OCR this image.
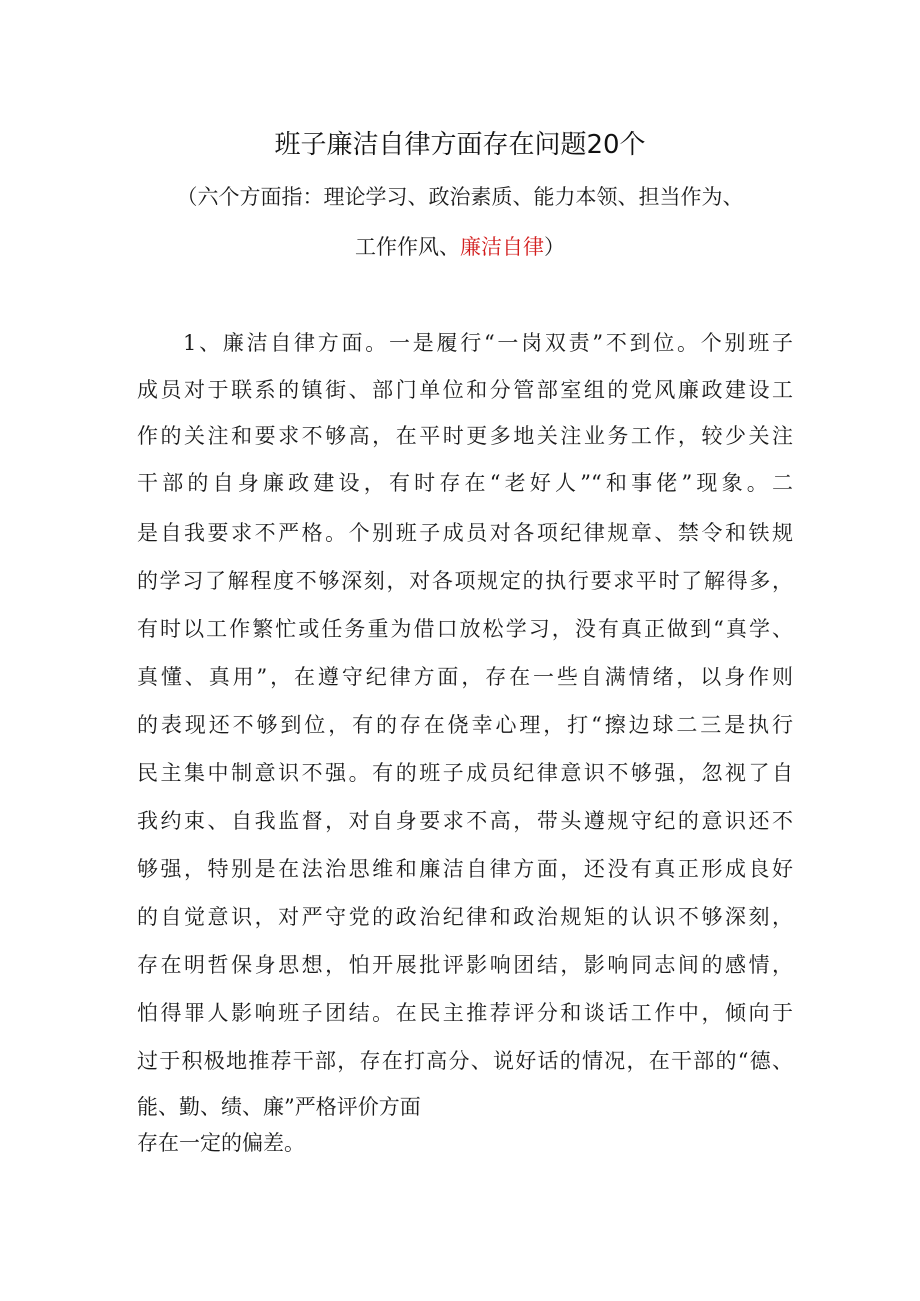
班子廉洁自律方面存在问题20个
（六个方面指：理论学习、政治素质、能力本领、担当作为、
工作作风、廉洁自律）
1、廉洁自律方面。一是履行“一岗双责”不到位。个别班子
成员对于联系的镇街、部门单位和分管部室组的党风廉政建设工
作的关注和要求不够高，在平时更多地关注业务工作，较少关注
干部的自身廉政建设，有时存在“老好人”“和事佬”现象。二
是自我要求不严格。个别班子成员对各项纪律规章、禁令和铁规
的学习了解程度不够深刻，对各项规定的执行要求平时了解得多，
有时以工作繁忙或任务重为借口放松学习，没有真正做到“真学、
真懂、真用”，在遵守纪律方面，存在一些自满情绪，以身作则
的表现还不够到位，有的存在侥幸心理，打“擦边球二三是执行
民主集中制意识不强。有的班子成员纪律意识不够强，忽视了自
我约束、自我监督，对自身要求不高，带头遵规守纪的意识还不
够强，特别是在法治思维和廉洁自律方面，还没有真正形成良好
的自觉意识，对严守党的政治纪律和政治规矩的认识不够深刻，
存在明哲保身思想，怕开展批评影响团结，影响同志间的感情，
怕得罪人影响班子团结。在民主推荐评分和谈话工作中，倾向于
过于积极地推荐干部，存在打高分、说好话的情况，在干部的“德、
能、勤、绩、廉”严格评价方面
存在一定的偏差。
